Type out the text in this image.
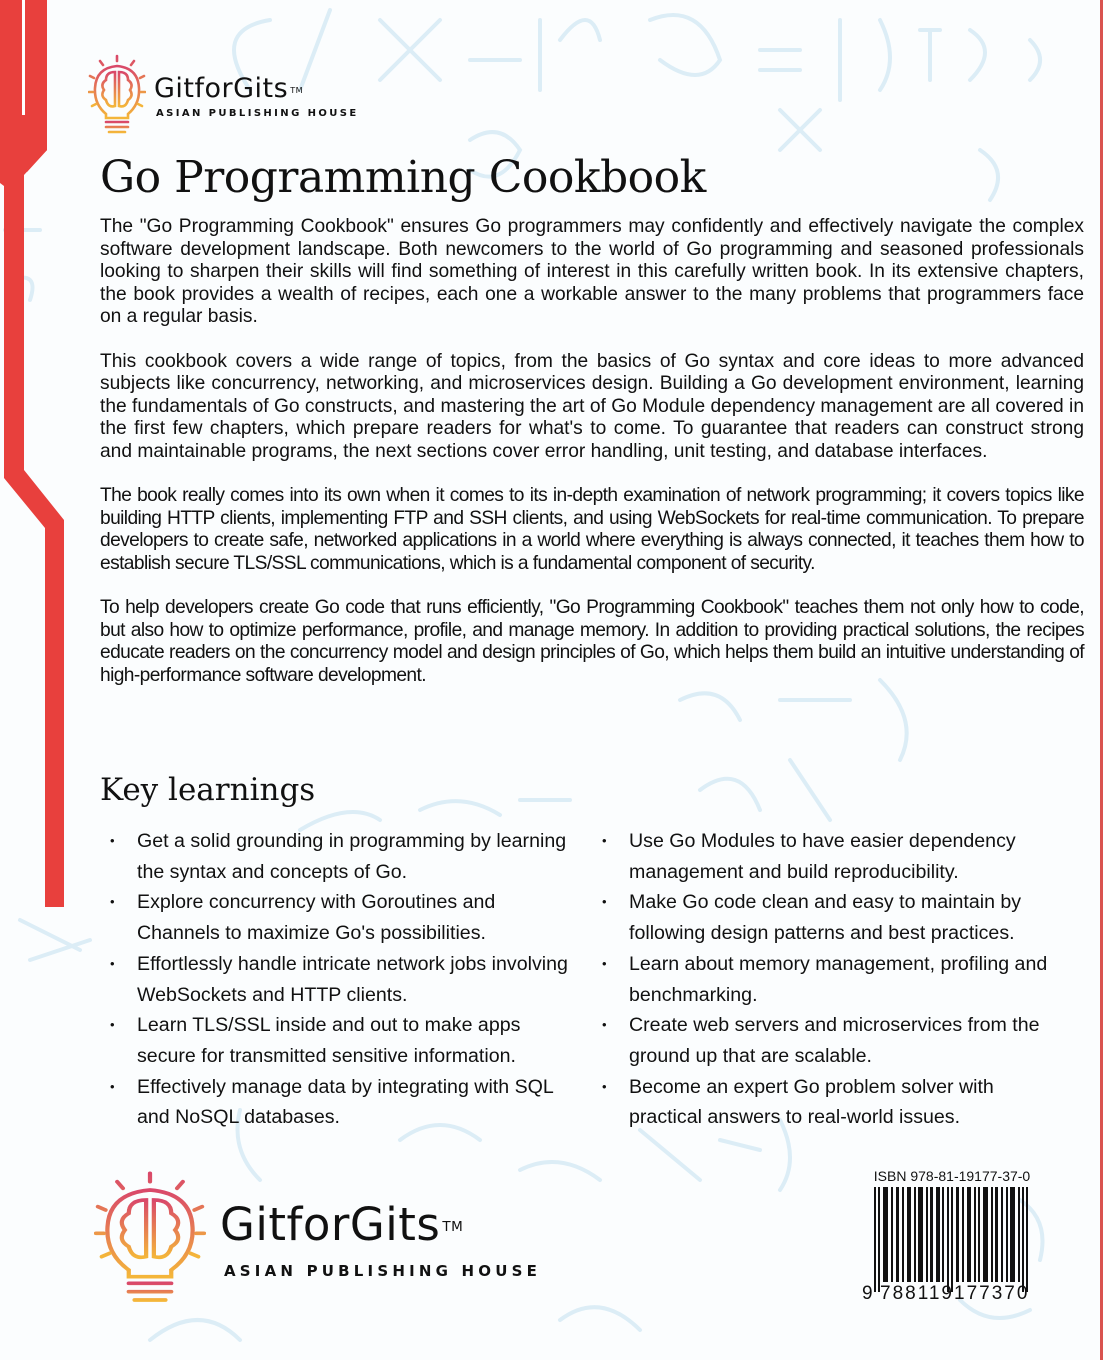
GitforGits ™
ASIAN PUBLISHING HOUSE
Go Programming Cookbook

The "Go Programming Cookbook" ensures Go programmers may confidently and effectively navigate the complex software development landscape. Both newcomers to the world of Go programming and seasoned professionals looking to sharpen their skills will find something of interest in this carefully written book. In its extensive chapters, the book provides a wealth of recipes, each one a workable answer to the many problems that programmers face on a regular basis.

This cookbook covers a wide range of topics, from the basics of Go syntax and core ideas to more advanced subjects like concurrency, networking, and microservices design. Building a Go development environment, learning the fundamentals of Go constructs, and mastering the art of Go Module dependency management are all covered in the first few chapters, which prepare readers for what's to come. To guarantee that readers can construct strong and maintainable programs, the next sections cover error handling, unit testing, and database interfaces.

The book really comes into its own when it comes to its in-depth examination of network programming; it covers topics like building HTTP clients, implementing FTP and SSH clients, and using WebSockets for real-time communication. To prepare developers to create safe, networked applications in a world where everything is always connected, it teaches them how to establish secure TLS/SSL communications, which is a fundamental component of security.

To help developers create Go code that runs efficiently, "Go Programming Cookbook" teaches them not only how to code, but also how to optimize performance, profile, and manage memory. In addition to providing practical solutions, the recipes educate readers on the concurrency model and design principles of Go, which helps them build an intuitive understanding of high-performance software development.

Key learnings
• Get a solid grounding in programming by learning the syntax and concepts of Go.
• Explore concurrency with Goroutines and Channels to maximize Go's possibilities.
• Effortlessly handle intricate network jobs involving WebSockets and HTTP clients.
• Learn TLS/SSL inside and out to make apps secure for transmitted sensitive information.
• Effectively manage data by integrating with SQL and NoSQL databases.
• Use Go Modules to have easier dependency management and build reproducibility.
• Make Go code clean and easy to maintain by following design patterns and best practices.
• Learn about memory management, profiling and benchmarking.
• Create web servers and microservices from the ground up that are scalable.
• Become an expert Go problem solver with practical answers to real-world issues.
GitforGits ™
ASIAN PUBLISHING HOUSE
ISBN 978-81-19177-37-0
9 788119 177370
